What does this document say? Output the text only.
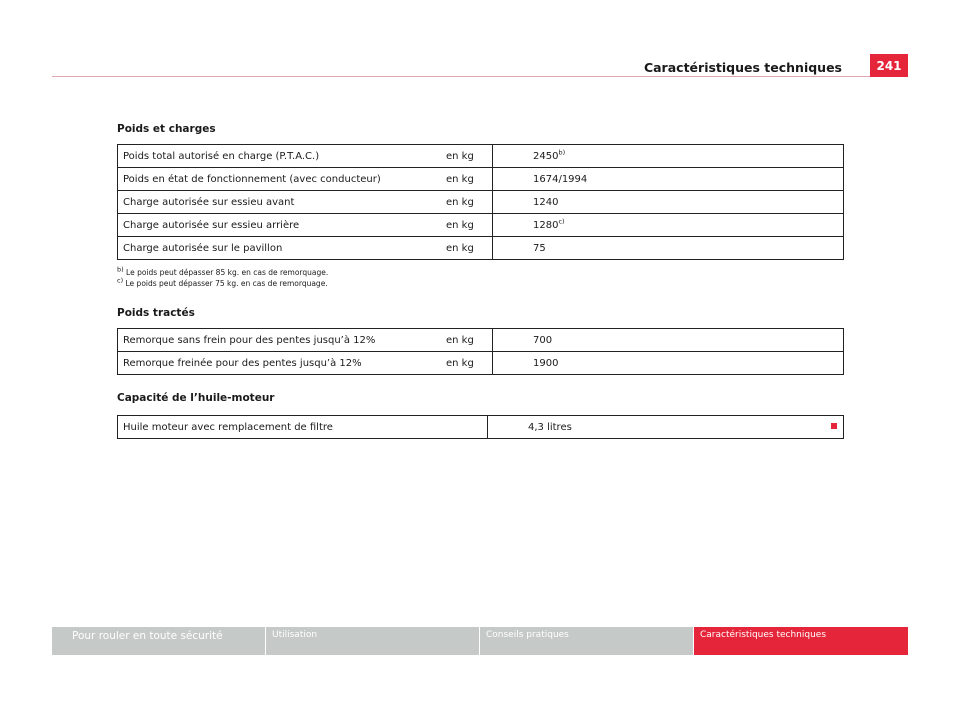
Caractéristiques techniques	241
Poids et charges
Poids total autorisé en charge (P.T.A.C.)	en kg	2450$^{b)}$
Poids en état de fonctionnement (avec conducteur)	en kg	1674/1994
Charge autorisée sur essieu avant	en kg	1240
Charge autorisée sur essieu arrière	en kg	1280$^{c)}$
Charge autorisée sur le pavillon	en kg	75
$^{b)}$ Le poids peut dépasser 85 kg. en cas de remorquage.
$^{c)}$ Le poids peut dépasser 75 kg. en cas de remorquage.
Poids tractés
Remorque sans frein pour des pentes jusqu’à 12%	en kg	700
Remorque freinée pour des pentes jusqu’à 12%	en kg	1900
Capacité de l’huile-moteur
Huile moteur avec remplacement de filtre	4,3 litres
Pour rouler en toute sécurité	Utilisation	Conseils pratiques	Caractéristiques techniques
